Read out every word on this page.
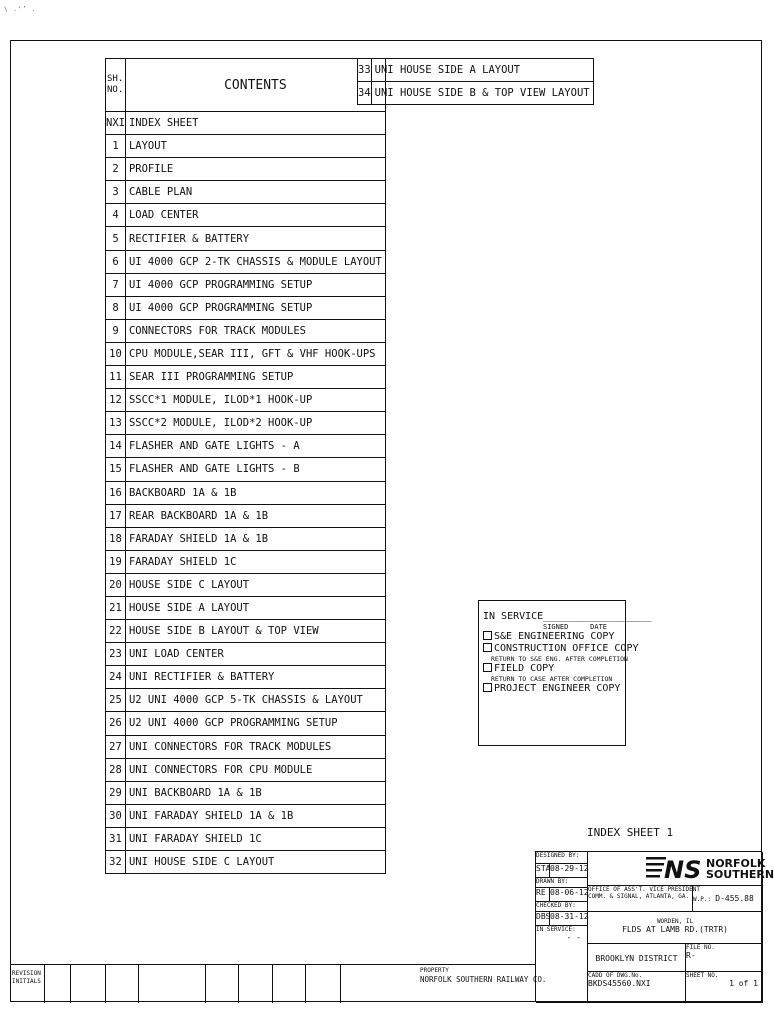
\ .'’ .
SH.
NO.	CONTENTS
NXI	INDEX SHEET
1	LAYOUT
2	PROFILE
3	CABLE PLAN
4	LOAD CENTER
5	RECTIFIER & BATTERY
6	UI 4000 GCP 2-TK CHASSIS & MODULE LAYOUT
7	UI 4000 GCP PROGRAMMING SETUP
8	UI 4000 GCP PROGRAMMING SETUP
9	CONNECTORS FOR TRACK MODULES
10	CPU MODULE,SEAR III, GFT & VHF HOOK-UPS
11	SEAR III PROGRAMMING SETUP
12	SSCC*1 MODULE, ILOD*1 HOOK-UP
13	SSCC*2 MODULE, ILOD*2 HOOK-UP
14	FLASHER AND GATE LIGHTS - A
15	FLASHER AND GATE LIGHTS - B
16	BACKBOARD 1A & 1B
17	REAR BACKBOARD 1A & 1B
18	FARADAY SHIELD 1A & 1B
19	FARADAY SHIELD 1C
20	HOUSE SIDE C LAYOUT
21	HOUSE SIDE A LAYOUT
22	HOUSE SIDE B LAYOUT & TOP VIEW
23	UNI LOAD CENTER
24	UNI RECTIFIER & BATTERY
25	U2 UNI 4000 GCP 5-TK CHASSIS & LAYOUT
26	U2 UNI 4000 GCP PROGRAMMING SETUP
27	UNI CONNECTORS FOR TRACK MODULES
28	UNI CONNECTORS FOR CPU MODULE
29	UNI BACKBOARD 1A & 1B
30	UNI FARADAY SHIELD 1A & 1B
31	UNI FARADAY SHIELD 1C
32	UNI HOUSE SIDE C LAYOUT
33	UNI HOUSE SIDE A LAYOUT
34	UNI HOUSE SIDE B & TOP VIEW LAYOUT
IN SERVICE__________________
SIGNED	DATE
S&E ENGINEERING COPY
CONSTRUCTION OFFICE COPY
RETURN TO S&E ENG. AFTER COMPLETION
FIELD COPY
RETURN TO CASE AFTER COMPLETION
PROJECT ENGINEER COPY
INDEX SHEET 1
DESIGNED BY:
STA 08-29-12
DRAWN BY:
RE 08-06-12
CHECKED BY:
DBS 08-31-12
IN SERVICE:
- -
NS NORFOLK
SOUTHERN
OFFICE OF ASS'T. VICE PRESIDENT
COMM. & SIGNAL, ATLANTA, GA. W.P.: D-455.88
WORDEN, IL
FLDS AT LAMB RD.(TRTR)
BROOKLYN DISTRICT
FILE NO.
R-
CADD OF DWG.No.
BKDS45560.NXI
SHEET NO.
1 of 1
REVISION
INITIALS
PROPERTY
NORFOLK SOUTHERN RAILWAY CO.
